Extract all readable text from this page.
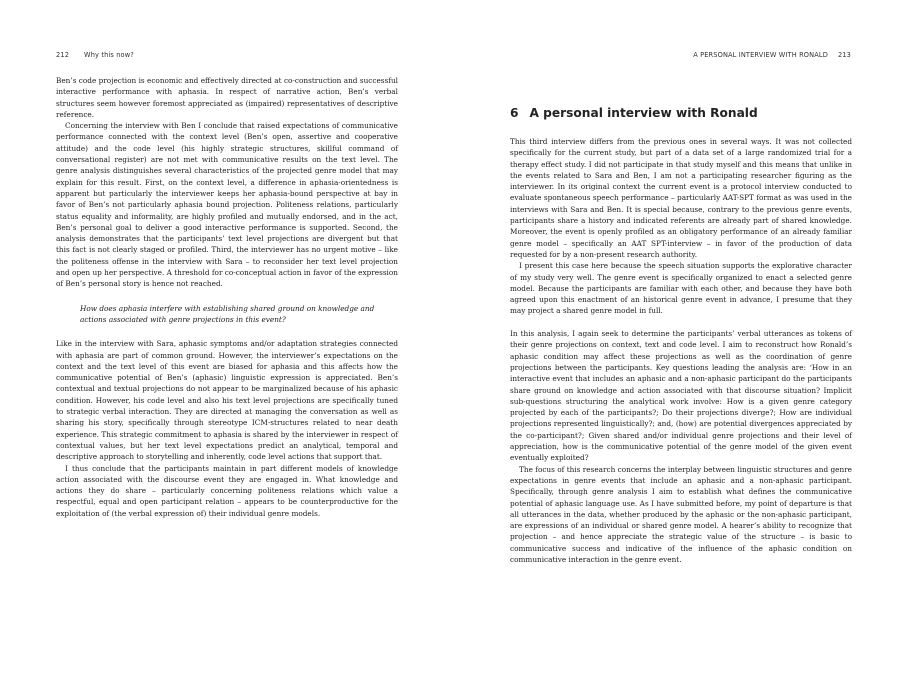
212 Why this now?

Ben’s code projection is economic and effectively directed at co-construction and successful interactive performance with aphasia. In respect of narrative action, Ben’s verbal structures seem however foremost appreciated as (impaired) representatives of descriptive reference.

Concerning the interview with Ben I conclude that raised expectations of communicative performance connected with the context level (Ben’s open, assertive and cooperative attitude) and the code level (his highly strategic structures, skillful command of conversational register) are not met with communicative results on the text level. The genre analysis distinguishes several characteristics of the projected genre model that may explain for this result. First, on the context level, a difference in aphasia-orientedness is apparent but particularly the interviewer keeps her aphasia-bound perspective at bay in favor of Ben’s not particularly aphasia bound projection. Politeness relations, particularly status equality and informality, are highly profiled and mutually endorsed, and in the act, Ben’s personal goal to deliver a good interactive performance is supported. Second, the analysis demonstrates that the participants’ text level projections are divergent but that this fact is not clearly staged or profiled. Third, the interviewer has no urgent motive – like the politeness offense in the interview with Sara – to reconsider her text level projection and open up her perspective. A threshold for co-conceptual action in favor of the expression of Ben’s personal story is hence not reached.

How does aphasia interfere with establishing shared ground on knowledge and actions associated with genre projections in this event?

Like in the interview with Sara, aphasic symptoms and/or adaptation strategies connected with aphasia are part of common ground. However, the interviewer’s expectations on the context and the text level of this event are biased for aphasia and this affects how the communicative potential of Ben’s (aphasic) linguistic expression is appreciated. Ben’s contextual and textual projections do not appear to be marginalized because of his aphasic condition. However, his code level and also his text level projections are specifically tuned to strategic verbal interaction. They are directed at managing the conversation as well as sharing his story, specifically through stereotype ICM-structures related to near death experience. This strategic commitment to aphasia is shared by the interviewer in respect of contextual values, but her text level expectations predict an analytical, temporal and descriptive approach to storytelling and inherently, code level actions that support that.

I thus conclude that the participants maintain in part different models of knowledge action associated with the discourse event they are engaged in. What knowledge and actions they do share – particularly concerning politeness relations which value a respectful, equal and open participant relation – appears to be counterproductive for the exploitation of (the verbal expression of) their individual genre models.

A PERSONAL INTERVIEW WITH RONALD 213
6 A personal interview with Ronald

This third interview differs from the previous ones in several ways. It was not collected specifically for the current study, but part of a data set of a large randomized trial for a therapy effect study. I did not participate in that study myself and this means that unlike in the events related to Sara and Ben, I am not a participating researcher figuring as the interviewer. In its original context the current event is a protocol interview conducted to evaluate spontaneous speech performance – particularly AAT-SPT format as was used in the interviews with Sara and Ben. It is special because, contrary to the previous genre events, participants share a history and indicated referents are already part of shared knowledge. Moreover, the event is openly profiled as an obligatory performance of an already familiar genre model – specifically an AAT SPT-interview – in favor of the production of data requested for by a non-present research authority.

I present this case here because the speech situation supports the explorative character of my study very well. The genre event is specifically organized to enact a selected genre model. Because the participants are familiar with each other, and because they have both agreed upon this enactment of an historical genre event in advance, I presume that they may project a shared genre model in full.

In this analysis, I again seek to determine the participants’ verbal utterances as tokens of their genre projections on context, text and code level. I aim to reconstruct how Ronald’s aphasic condition may affect these projections as well as the coordination of genre projections between the participants. Key questions leading the analysis are: ‘How in an interactive event that includes an aphasic and a non-aphasic participant do the participants share ground on knowledge and action associated with that discourse situation? Implicit sub-questions structuring the analytical work involve: How is a given genre category projected by each of the participants?; Do their projections diverge?; How are individual projections represented linguistically?; and, (how) are potential divergences appreciated by the co-participant?; Given shared and/or individual genre projections and their level of appreciation, how is the communicative potential of the genre model of the given event eventually exploited?

The focus of this research concerns the interplay between linguistic structures and genre expectations in genre events that include an aphasic and a non-aphasic participant. Specifically, through genre analysis I aim to establish what defines the communicative potential of aphasic language use. As I have submitted before, my point of departure is that all utterances in the data, whether produced by the aphasic or the non-aphasic participant, are expressions of an individual or shared genre model. A hearer’s ability to recognize that projection – and hence appreciate the strategic value of the structure – is basic to communicative success and indicative of the influence of the aphasic condition on communicative interaction in the genre event.
